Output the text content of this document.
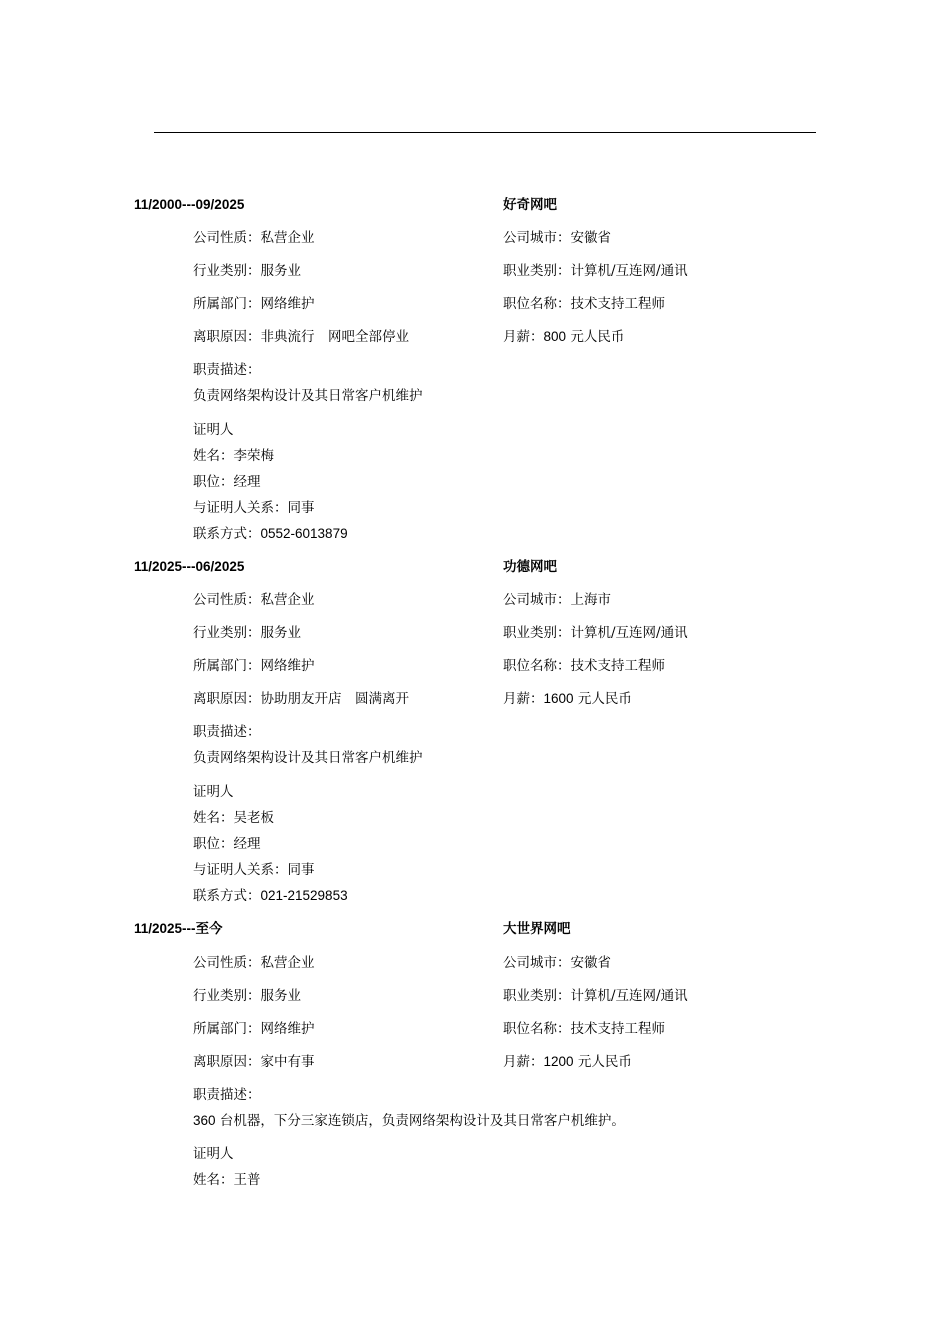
11/2000---09/2025	好奇网吧
公司性质：私营企业	公司城市：安徽省
行业类别：服务业	职业类别：计算机/互连网/通讯
所属部门：网络维护	职位名称：技术支持工程师
离职原因：非典流行　网吧全部停业	月薪：800 元人民币
职责描述：
负责网络架构设计及其日常客户机维护
证明人
姓名：李荣梅
职位：经理
与证明人关系：同事
联系方式：0552-6013879
11/2025---06/2025	功德网吧
公司性质：私营企业	公司城市：上海市
行业类别：服务业	职业类别：计算机/互连网/通讯
所属部门：网络维护	职位名称：技术支持工程师
离职原因：协助朋友开店　圆满离开	月薪：1600 元人民币
职责描述：
负责网络架构设计及其日常客户机维护
证明人
姓名：吴老板
职位：经理
与证明人关系：同事
联系方式：021-21529853
11/2025---至今	大世界网吧
公司性质：私营企业	公司城市：安徽省
行业类别：服务业	职业类别：计算机/互连网/通讯
所属部门：网络维护	职位名称：技术支持工程师
离职原因：家中有事	月薪：1200 元人民币
职责描述：
360 台机器，下分三家连锁店，负责网络架构设计及其日常客户机维护。
证明人
姓名：王普
